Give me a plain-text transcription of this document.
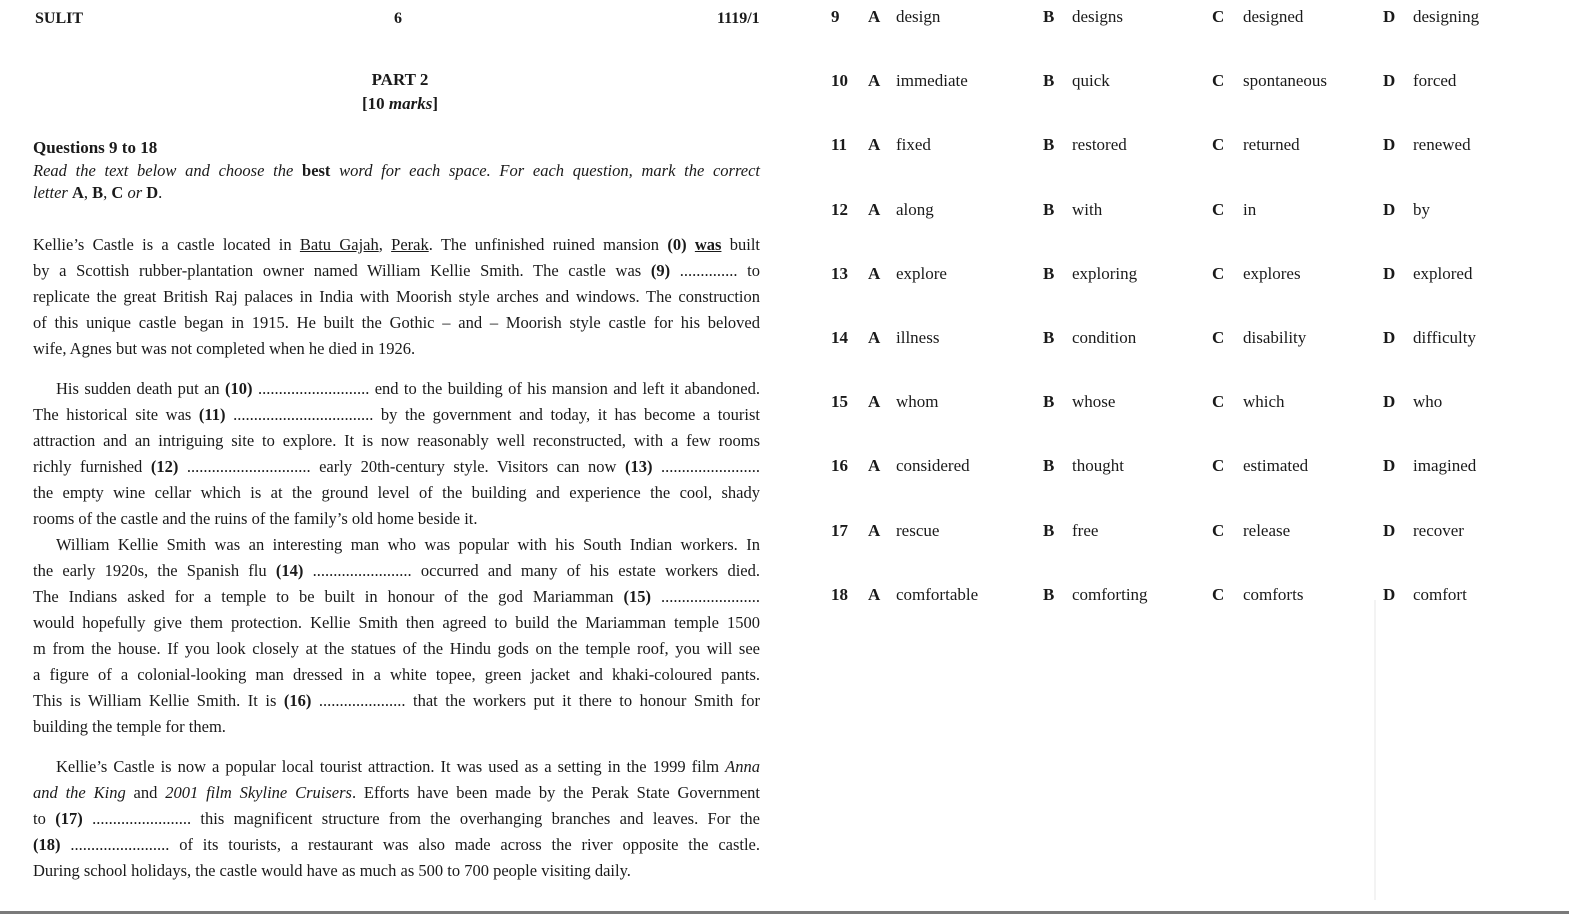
SULIT	6	1119/1
PART 2
[10 marks]
Questions 9 to 18
Read the text below and choose the best word for each space. For each question, mark the correct
letter A, B, C or D.
Kellie’s Castle is a castle located in Batu Gajah, Perak. The unfinished ruined mansion (0) was built
by a Scottish rubber-plantation owner named William Kellie Smith. The castle was (9) .............. to
replicate the great British Raj palaces in India with Moorish style arches and windows. The construction
of this unique castle began in 1915. He built the Gothic – and – Moorish style castle for his beloved
wife, Agnes but was not completed when he died in 1926.
His sudden death put an (10) ........................... end to the building of his mansion and left it abandoned.
The historical site was (11) .................................. by the government and today, it has become a tourist
attraction and an intriguing site to explore. It is now reasonably well reconstructed, with a few rooms
richly furnished (12) .............................. early 20th-century style. Visitors can now (13) ........................
the empty wine cellar which is at the ground level of the building and experience the cool, shady
rooms of the castle and the ruins of the family’s old home beside it.
William Kellie Smith was an interesting man who was popular with his South Indian workers. In
the early 1920s, the Spanish flu (14) ........................ occurred and many of his estate workers died.
The Indians asked for a temple to be built in honour of the god Mariamman (15) ........................
would hopefully give them protection. Kellie Smith then agreed to build the Mariamman temple 1500
m from the house. If you look closely at the statues of the Hindu gods on the temple roof, you will see
a figure of a colonial-looking man dressed in a white topee, green jacket and khaki-coloured pants.
This is William Kellie Smith. It is (16) ..................... that the workers put it there to honour Smith for
building the temple for them.
Kellie’s Castle is now a popular local tourist attraction. It was used as a setting in the 1999 film Anna
and the King and 2001 film Skyline Cruisers. Efforts have been made by the Perak State Government
to (17) ........................ this magnificent structure from the overhanging branches and leaves. For the
(18) ........................ of its tourists, a restaurant was also made across the river opposite the castle.
During school holidays, the castle would have as much as 500 to 700 people visiting daily.
9 A design	B designs	C designed	D designing
10 A immediate	B quick	C spontaneous	D forced
11 A fixed	B restored	C returned	D renewed
12 A along	B with	C in	D by
13 A explore	B exploring	C explores	D explored
14 A illness	B condition	C disability	D difficulty
15 A whom	B whose	C which	D who
16 A considered	B thought	C estimated	D imagined
17 A rescue	B free	C release	D recover
18 A comfortable	B comforting	C comforts	D comfort
